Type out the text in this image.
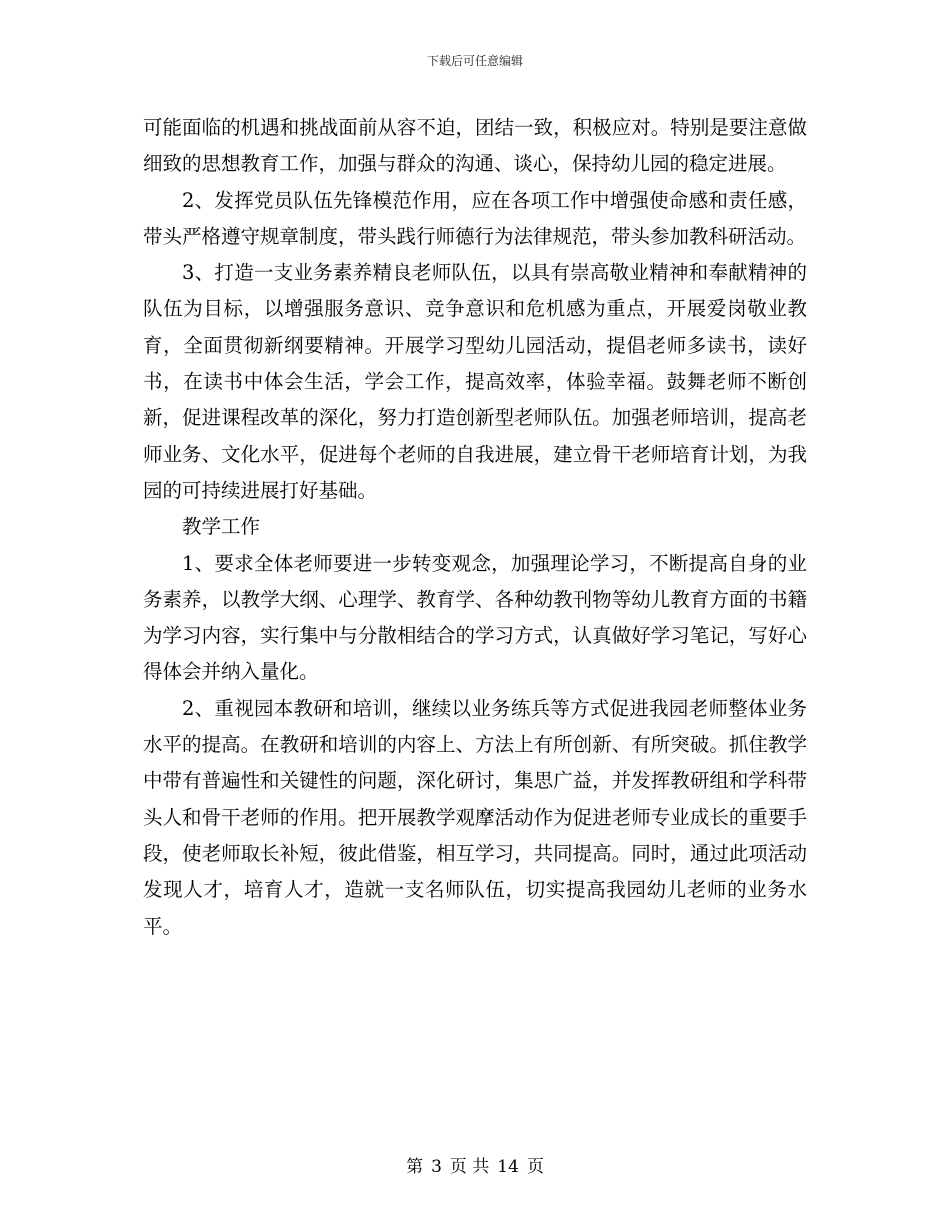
下载后可任意编辑

可能面临的机遇和挑战面前从容不迫，团结一致，积极应对。特别是要注意做细致的思想教育工作，加强与群众的沟通、谈心，保持幼儿园的稳定进展。

2、发挥党员队伍先锋模范作用，应在各项工作中增强使命感和责任感，带头严格遵守规章制度，带头践行师德行为法律规范，带头参加教科研活动。

3、打造一支业务素养精良老师队伍，以具有崇高敬业精神和奉献精神的队伍为目标，以增强服务意识、竞争意识和危机感为重点，开展爱岗敬业教育，全面贯彻新纲要精神。开展学习型幼儿园活动，提倡老师多读书，读好书，在读书中体会生活，学会工作，提高效率，体验幸福。鼓舞老师不断创新，促进课程改革的深化，努力打造创新型老师队伍。加强老师培训，提高老师业务、文化水平，促进每个老师的自我进展，建立骨干老师培育计划，为我园的可持续进展打好基础。

教学工作

1、要求全体老师要进一步转变观念，加强理论学习，不断提高自身的业务素养，以教学大纲、心理学、教育学、各种幼教刊物等幼儿教育方面的书籍为学习内容，实行集中与分散相结合的学习方式，认真做好学习笔记，写好心得体会并纳入量化。

2、重视园本教研和培训，继续以业务练兵等方式促进我园老师整体业务水平的提高。在教研和培训的内容上、方法上有所创新、有所突破。抓住教学中带有普遍性和关键性的问题，深化研讨，集思广益，并发挥教研组和学科带头人和骨干老师的作用。把开展教学观摩活动作为促进老师专业成长的重要手段，使老师取长补短，彼此借鉴，相互学习，共同提高。同时，通过此项活动发现人才，培育人才，造就一支名师队伍，切实提高我园幼儿老师的业务水平。

第 3 页 共 14 页
